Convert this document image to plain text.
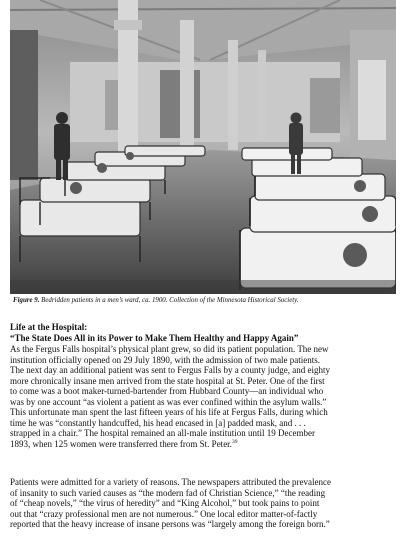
Figure 9. Bedridden patients in a men’s ward, ca. 1900. Collection of the Minnesota Historical Society.
Life at the Hospital:
“The State Does All in its Power to Make Them Healthy and Happy Again”
As the Fergus Falls hospital’s physical plant grew, so did its patient population. The new
institution officially opened on 29 July 1890, with the admission of two male patients.
The next day an additional patient was sent to Fergus Falls by a county judge, and eighty
more chronically insane men arrived from the state hospital at St. Peter. One of the first
to come was a boot maker-turned-bartender from Hubbard County—an individual who
was by one account “as violent a patient as was ever confined within the asylum walls.”
This unfortunate man spent the last fifteen years of his life at Fergus Falls, during which
time he was “constantly handcuffed, his head encased in [a] padded mask, and . . .
strapped in a chair.” The hospital remained an all-male institution until 19 December
1893, when 125 women were transferred there from St. Peter.$^{39}$
Patients were admitted for a variety of reasons. The newspapers attributed the prevalence
of insanity to such varied causes as “the modern fad of Christian Science,” “the reading
of “cheap novels,” “the virus of heredity” and “King Alcohol,” but took pains to point
out that “crazy professional men are not numerous.” One local editor matter-of-factly
reported that the heavy increase of insane persons was “largely among the foreign born.”
